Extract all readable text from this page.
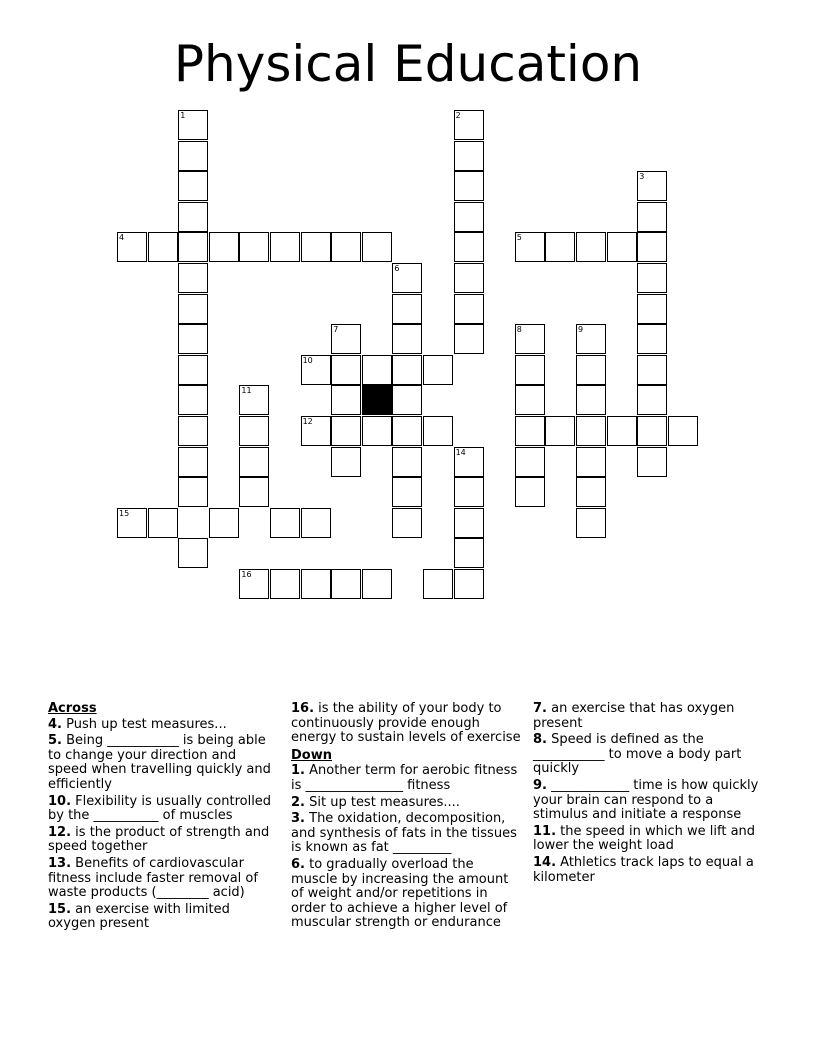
Physical Education
1
4
2
3
5
6
7
10
8	9
11
12
14
15
16
Across
4. Push up test measures...
5. Being ___________ is being able to change your direction and speed when travelling quickly and efficiently
10. Flexibility is usually controlled by the __________ of muscles
12. is the product of strength and speed together
13. Benefits of cardiovascular fitness include faster removal of waste products (________ acid)
15. an exercise with limited oxygen present
16. is the ability of your body to continuously provide enough energy to sustain levels of exercise
Down
1. Another term for aerobic fitness is _______________ fitness
2. Sit up test measures....
3. The oxidation, decomposition, and synthesis of fats in the tissues is known as fat _________
6. to gradually overload the muscle by increasing the amount of weight and/or repetitions in order to achieve a higher level of muscular strength or endurance
7. an exercise that has oxygen present
8. Speed is defined as the ___________ to move a body part quickly
9. ____________ time is how quickly your brain can respond to a stimulus and initiate a response
11. the speed in which we lift and lower the weight load
14. Athletics track laps to equal a kilometer
